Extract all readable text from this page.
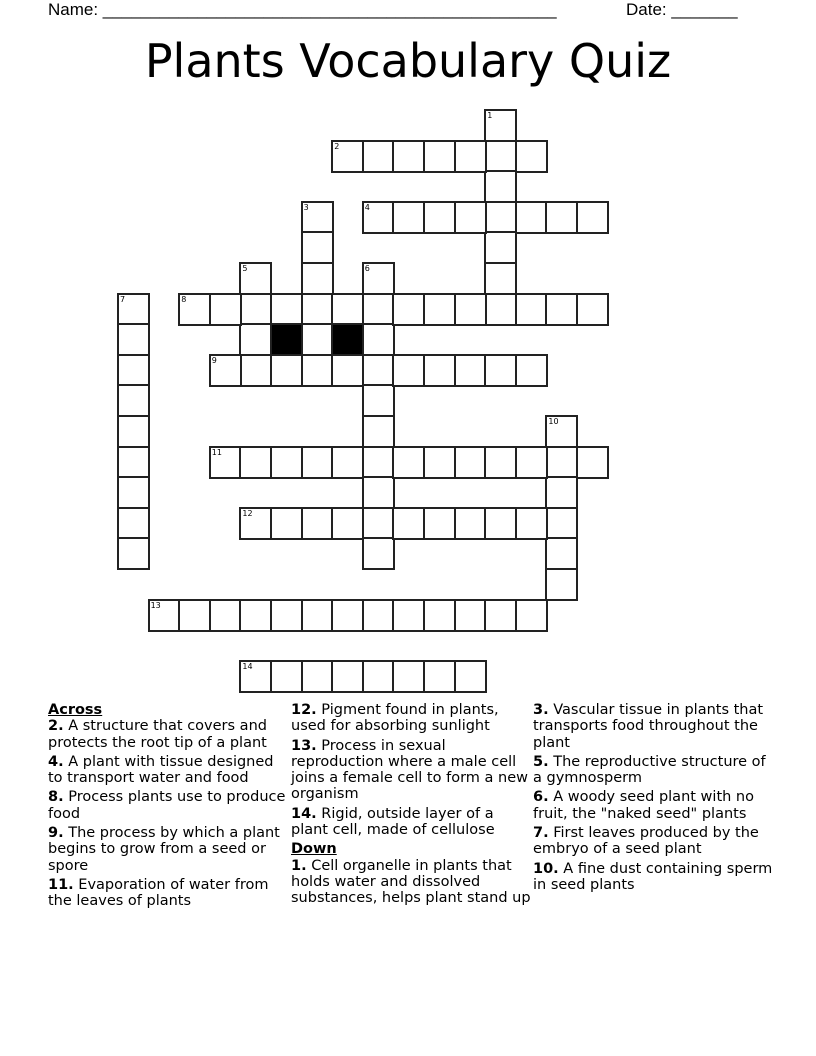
Name: ________________________________________________	Date: _______
Plants Vocabulary Quiz
1
2
3	4
5	6
7	8
9
10
11
12
13
14
Across
2. A structure that covers and protects the root tip of a plant
4. A plant with tissue designed to transport water and food
8. Process plants use to produce food
9. The process by which a plant begins to grow from a seed or spore
11. Evaporation of water from the leaves of plants
12. Pigment found in plants, used for absorbing sunlight
13. Process in sexual reproduction where a male cell joins a female cell to form a new organism
14. Rigid, outside layer of a plant cell, made of cellulose
Down
1. Cell organelle in plants that holds water and dissolved substances, helps plant stand up
3. Vascular tissue in plants that transports food throughout the plant
5. The reproductive structure of a gymnosperm
6. A woody seed plant with no fruit, the "naked seed" plants
7. First leaves produced by the embryo of a seed plant
10. A fine dust containing sperm in seed plants
